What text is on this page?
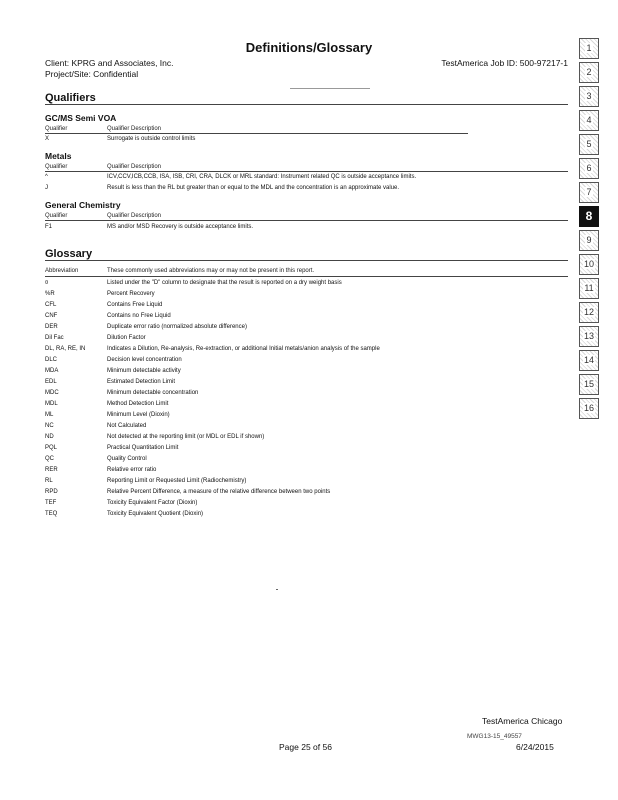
Definitions/Glossary
Client: KPRG and Associates, Inc.
Project/Site: Confidential
TestAmerica Job ID: 500-97217-1
Qualifiers
GC/MS Semi VOA
Qualifier	Qualifier Description
X	Surrogate is outside control limits
Metals
Qualifier	Qualifier Description
^	ICV,CCV,ICB,CCB, ISA, ISB, CRI, CRA, DLCK or MRL standard: Instrument related QC is outside acceptance limits.
J	Result is less than the RL but greater than or equal to the MDL and the concentration is an approximate value.
General Chemistry
Qualifier	Qualifier Description
F1	MS and/or MSD Recovery is outside acceptance limits.
Glossary
Abbreviation	These commonly used abbreviations may or may not be present in this report.
¤	Listed under the "D" column to designate that the result is reported on a dry weight basis
%R	Percent Recovery
CFL	Contains Free Liquid
CNF	Contains no Free Liquid
DER	Duplicate error ratio (normalized absolute difference)
Dil Fac	Dilution Factor
DL, RA, RE, IN	Indicates a Dilution, Re-analysis, Re-extraction, or additional Initial metals/anion analysis of the sample
DLC	Decision level concentration
MDA	Minimum detectable activity
EDL	Estimated Detection Limit
MDC	Minimum detectable concentration
MDL	Method Detection Limit
ML	Minimum Level (Dioxin)
NC	Not Calculated
ND	Not detected at the reporting limit (or MDL or EDL if shown)
PQL	Practical Quantitation Limit
QC	Quality Control
RER	Relative error ratio
RL	Reporting Limit or Requested Limit (Radiochemistry)
RPD	Relative Percent Difference, a measure of the relative difference between two points
TEF	Toxicity Equivalent Factor (Dioxin)
TEQ	Toxicity Equivalent Quotient (Dioxin)
1
2
3
4
5
6
7
8
9
10
11
12
13
14
15
16
TestAmerica Chicago
MWG13-15_49557
Page 25 of 56	6/24/2015
